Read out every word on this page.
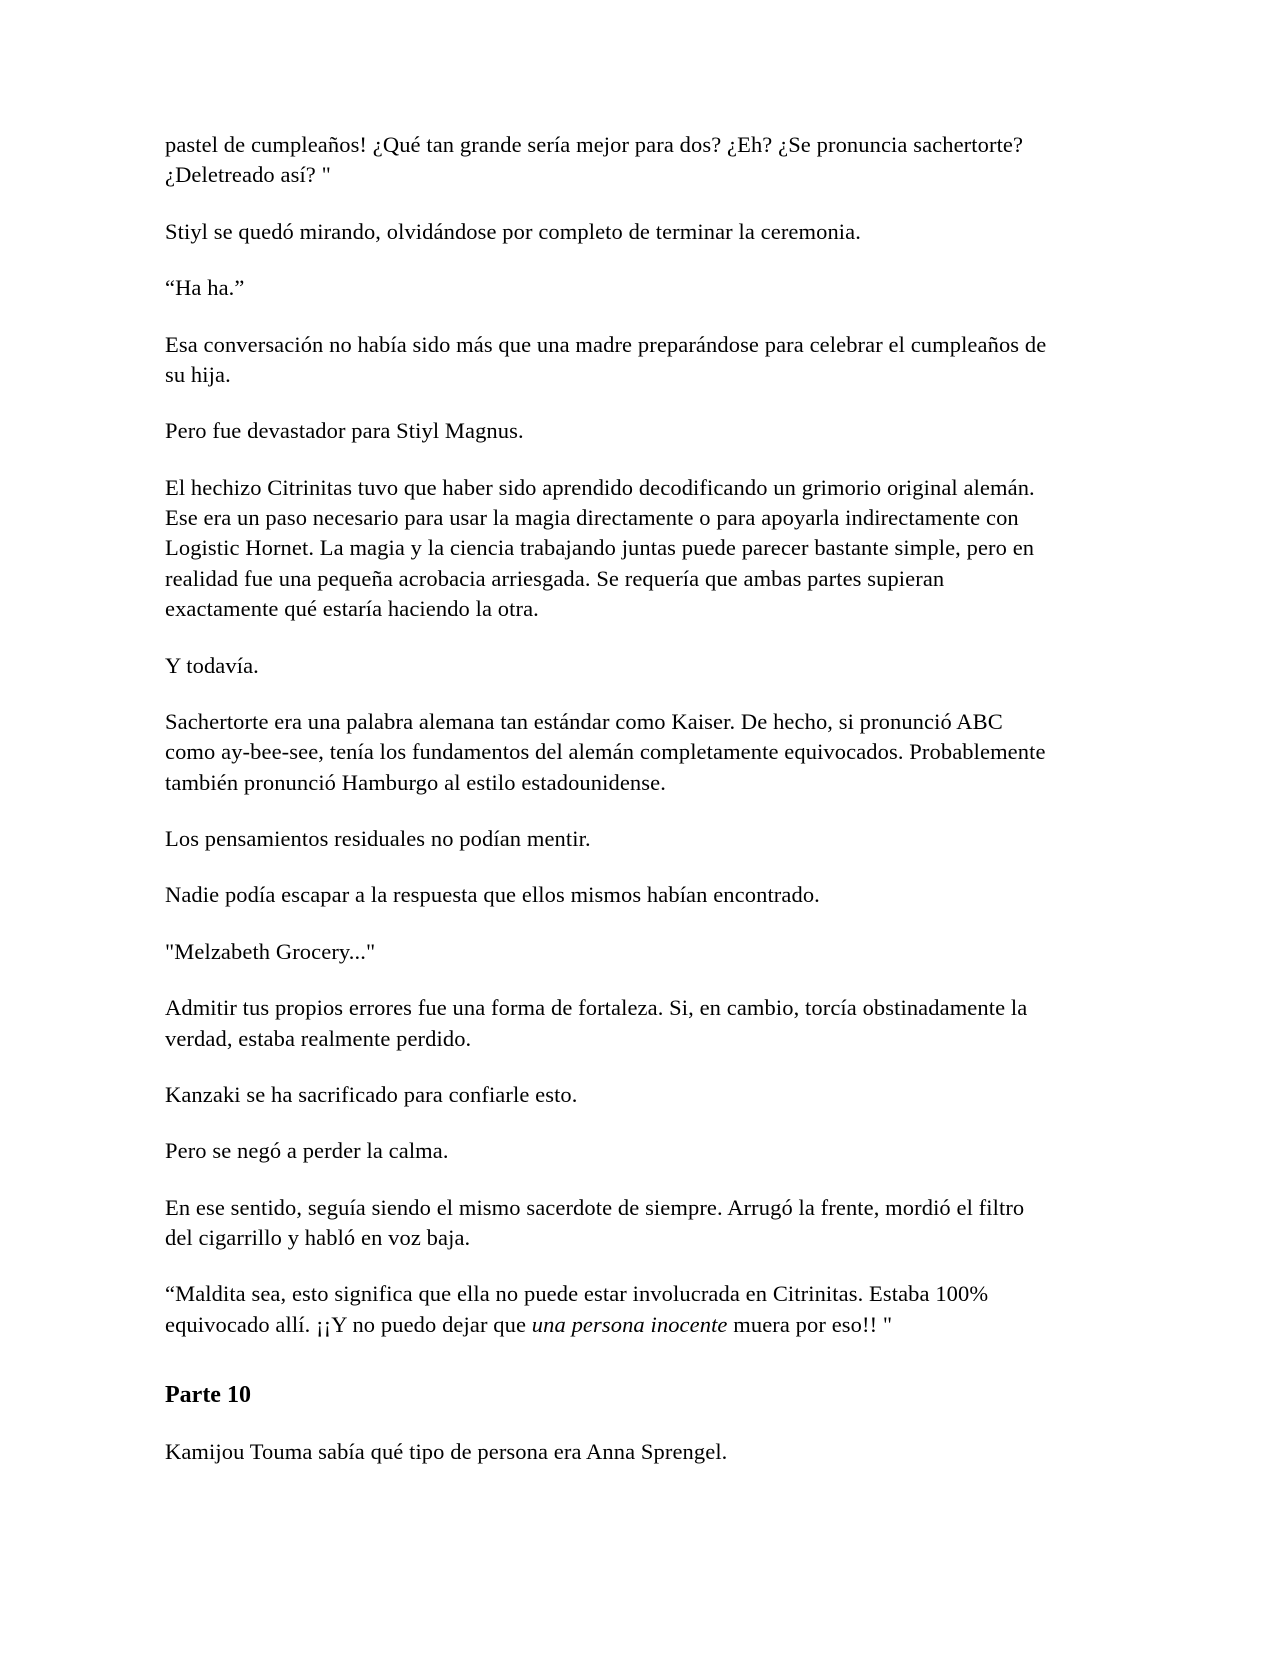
pastel de cumpleaños! ¿Qué tan grande sería mejor para dos? ¿Eh? ¿Se pronuncia sachertorte? ¿Deletreado así? "

Stiyl se quedó mirando, olvidándose por completo de terminar la ceremonia.

“Ha ha.”

Esa conversación no había sido más que una madre preparándose para celebrar el cumpleaños de su hija.

Pero fue devastador para Stiyl Magnus.

El hechizo Citrinitas tuvo que haber sido aprendido decodificando un grimorio original alemán. Ese era un paso necesario para usar la magia directamente o para apoyarla indirectamente con Logistic Hornet. La magia y la ciencia trabajando juntas puede parecer bastante simple, pero en realidad fue una pequeña acrobacia arriesgada. Se requería que ambas partes supieran exactamente qué estaría haciendo la otra.

Y todavía.

Sachertorte era una palabra alemana tan estándar como Kaiser. De hecho, si pronunció ABC como ay-bee-see, tenía los fundamentos del alemán completamente equivocados. Probablemente también pronunció Hamburgo al estilo estadounidense.

Los pensamientos residuales no podían mentir.

Nadie podía escapar a la respuesta que ellos mismos habían encontrado.

"Melzabeth Grocery..."

Admitir tus propios errores fue una forma de fortaleza. Si, en cambio, torcía obstinadamente la verdad, estaba realmente perdido.

Kanzaki se ha sacrificado para confiarle esto.

Pero se negó a perder la calma.

En ese sentido, seguía siendo el mismo sacerdote de siempre. Arrugó la frente, mordió el filtro del cigarrillo y habló en voz baja.

“Maldita sea, esto significa que ella no puede estar involucrada en Citrinitas. Estaba 100% equivocado allí. ¡¡Y no puedo dejar que una persona inocente muera por eso!! "

Parte 10

Kamijou Touma sabía qué tipo de persona era Anna Sprengel.
